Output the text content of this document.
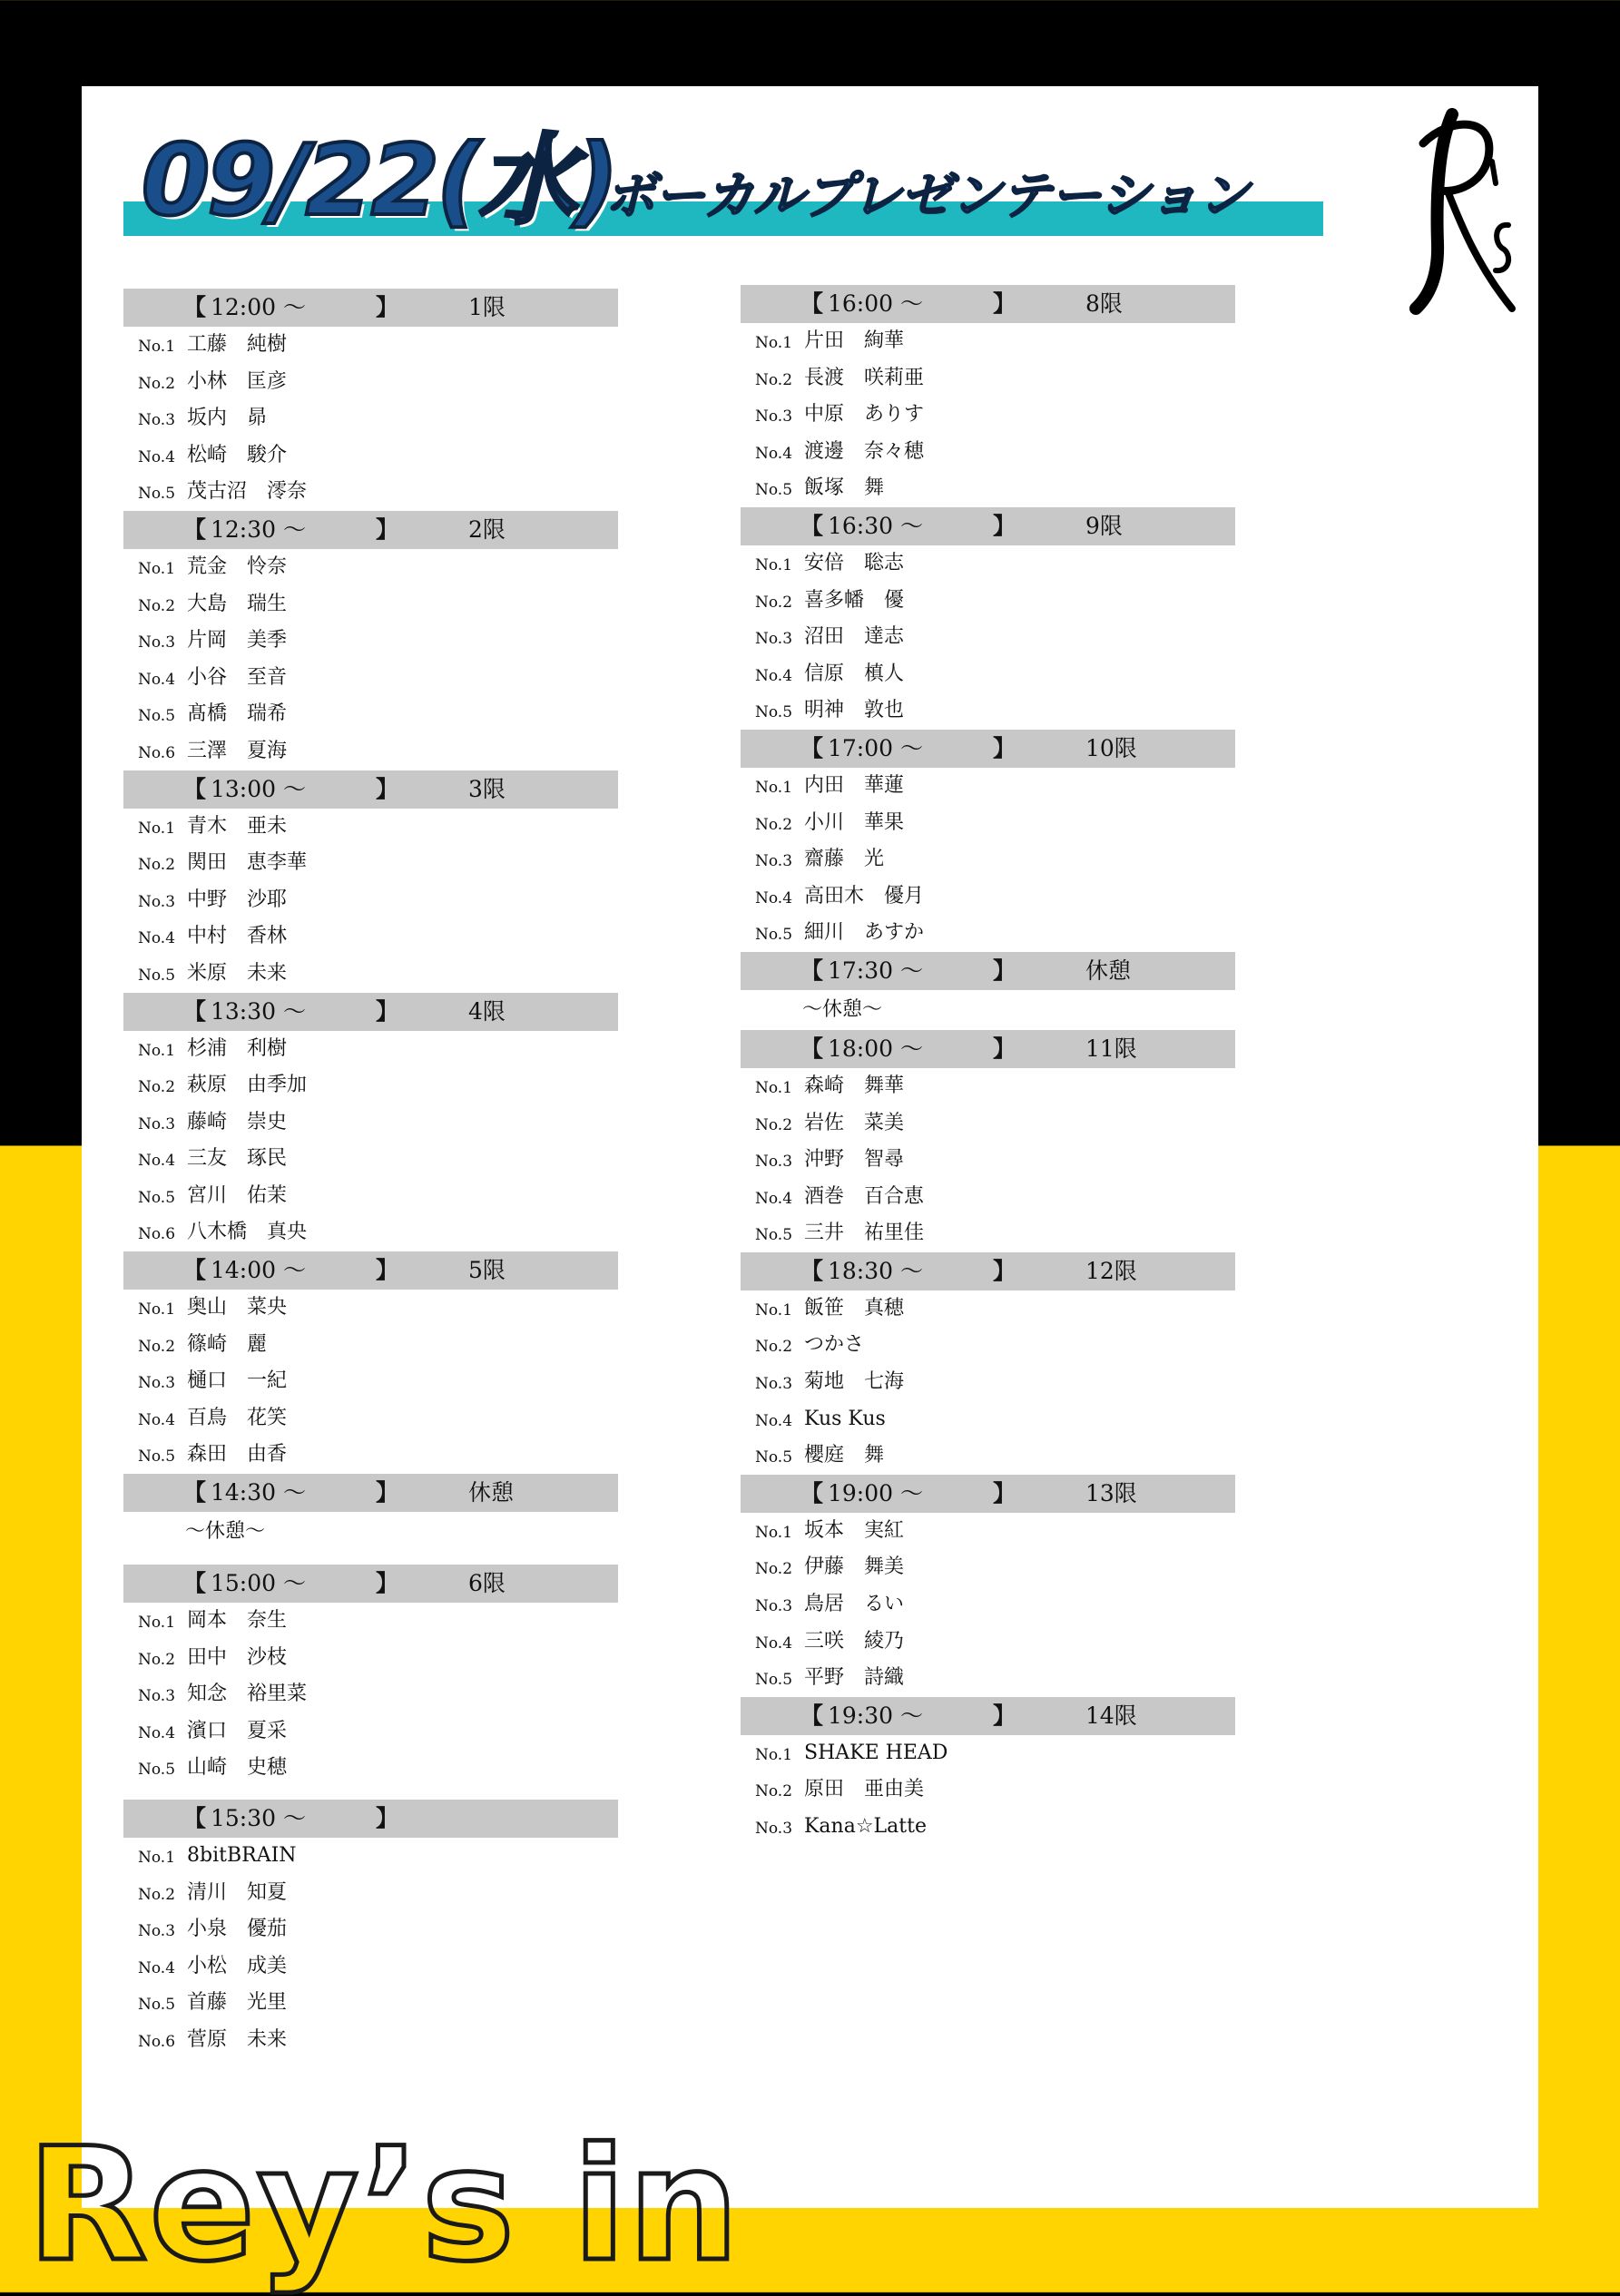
09/22(水)
ボーカルプレゼンテーション
【 12:00 ～	】	1限
No.1 工藤　純樹
No.2 小林　匡彦
No.3 坂内　昴
No.4 松崎　駿介
No.5 茂古沼　澪奈
【 12:30 ～	】	2限
No.1 荒金　怜奈
No.2 大島　瑞生
No.3 片岡　美季
No.4 小谷　至音
No.5 髙橋　瑞希
No.6 三澤　夏海
【 13:00 ～	】	3限
No.1 青木　亜未
No.2 関田　恵李華
No.3 中野　沙耶
No.4 中村　香林
No.5 米原　未来
【 13:30 ～	】	4限
No.1 杉浦　利樹
No.2 萩原　由季加
No.3 藤崎　崇史
No.4 三友　琢民
No.5 宮川　佑茉
No.6 八木橋　真央
【 14:00 ～	】	5限
No.1 奥山　菜央
No.2 篠崎　麗
No.3 樋口　一紀
No.4 百鳥　花笑
No.5 森田　由香
【 14:30 ～	】	休憩
～休憩～
【 15:00 ～	】	6限
No.1 岡本　奈生
No.2 田中　沙枝
No.3 知念　裕里菜
No.4 濱口　夏采
No.5 山崎　史穂
【 15:30 ～	】
No.1 8bitBRAIN
No.2 清川　知夏
No.3 小泉　優茄
No.4 小松　成美
No.5 首藤　光里
No.6 菅原　未来
【 16:00 ～	】	8限
No.1 片田　絢華
No.2 長渡　咲莉亜
No.3 中原　ありす
No.4 渡邊　奈々穂
No.5 飯塚　舞
【 16:30 ～	】	9限
No.1 安倍　聡志
No.2 喜多幡　優
No.3 沼田　達志
No.4 信原　槙人
No.5 明神　敦也
【 17:00 ～	】	10限
No.1 内田　華蓮
No.2 小川　華果
No.3 齋藤　光
No.4 高田木　優月
No.5 細川　あすか
【 17:30 ～	】	休憩
～休憩～
【 18:00 ～	】	11限
No.1 森崎　舞華
No.2 岩佐　菜美
No.3 沖野　智尋
No.4 酒巻　百合恵
No.5 三井　祐里佳
【 18:30 ～	】	12限
No.1 飯笹　真穂
No.2 つかさ
No.3 菊地　七海
No.4 Kus Kus
No.5 櫻庭　舞
【 19:00 ～	】	13限
No.1 坂本　実紅
No.2 伊藤　舞美
No.3 鳥居　るい
No.4 三咲　綾乃
No.5 平野　詩織
【 19:30 ～	】	14限
No.1 SHAKE HEAD
No.2 原田　亜由美
No.3 Kana☆Latte
Rey’s in
